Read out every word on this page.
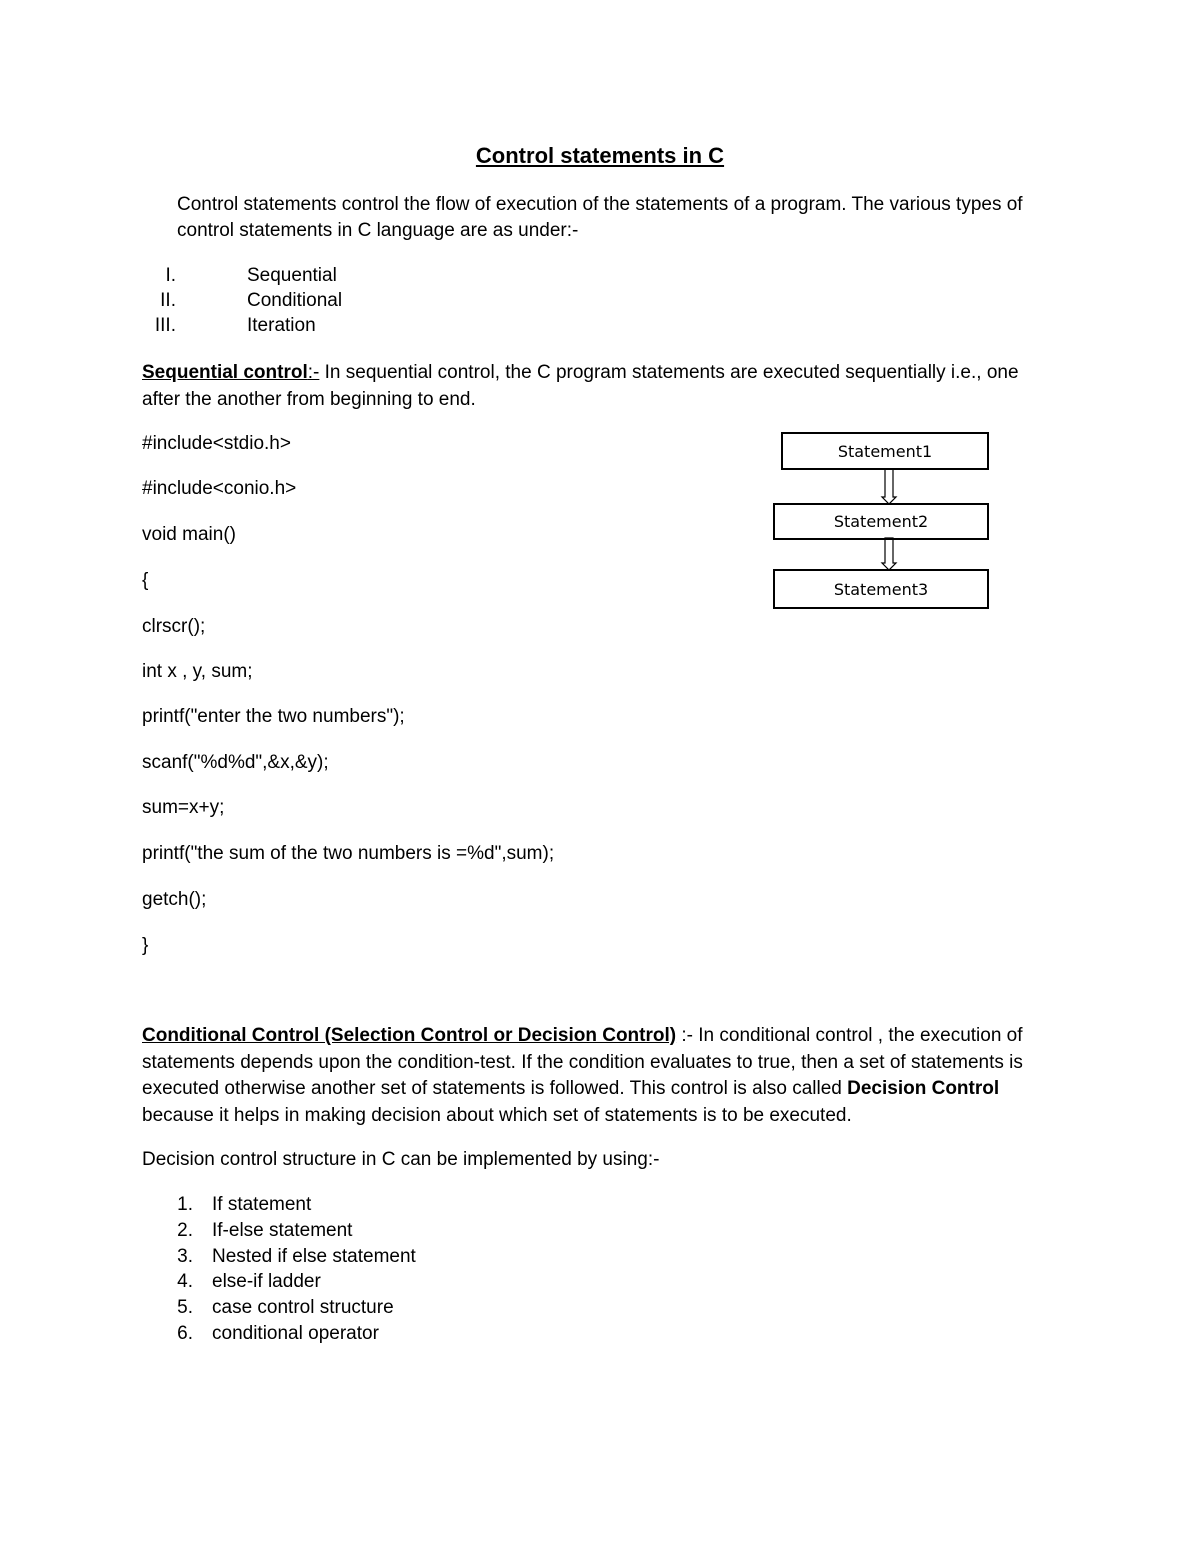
Control statements in C
Control statements control the flow of execution of the statements of a program. The various types of control statements in C language are as under:-
I.	Sequential
II.	Conditional
III.	Iteration
Sequential control:- In sequential control, the C program statements are executed sequentially i.e., one after the another from beginning to end.
#include<stdio.h>
#include<conio.h>
void main()
{
clrscr();
int x , y, sum;
printf("enter the two numbers");
scanf("%d%d",&x,&y);
sum=x+y;
printf("the sum of the two numbers is =%d",sum);
getch();
}
Statement1
Statement2
Statement3
Conditional Control (Selection Control or Decision Control) :- In conditional control , the execution of statements depends upon the condition-test. If the condition evaluates to true, then a set of statements is executed otherwise another set of statements is followed. This control is also called Decision Control because it helps in making decision about which set of statements is to be executed.
Decision control structure in C can be implemented by using:-
1. If statement
2. If-else statement
3. Nested if else statement
4. else-if ladder
5. case control structure
6. conditional operator
